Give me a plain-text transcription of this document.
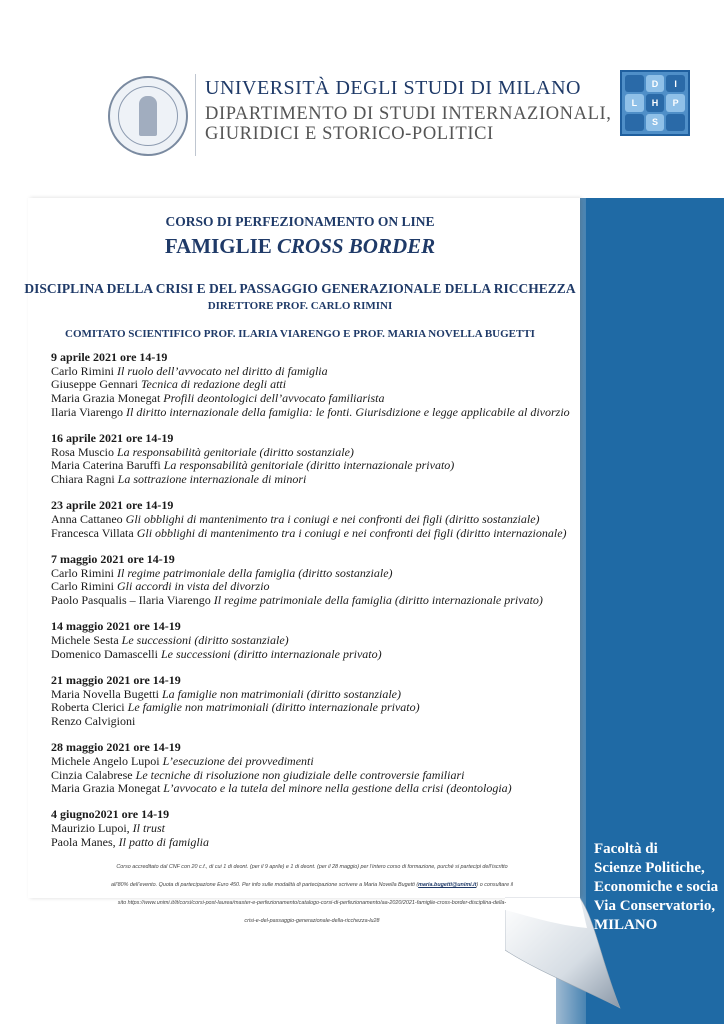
UNIVERSITÀ DEGLI STUDI DI MILANO
DIPARTIMENTO DI STUDI INTERNAZIONALI,
GIURIDICI E STORICO-POLITICI
D	I
L	H	P
S
CORSO DI PERFEZIONAMENTO ON LINE
FAMIGLIE CROSS BORDER
DISCIPLINA DELLA CRISI E DEL PASSAGGIO GENERAZIONALE DELLA RICCHEZZA
DIRETTORE PROF. CARLO RIMINI
COMITATO SCIENTIFICO PROF. ILARIA VIARENGO E PROF. MARIA NOVELLA BUGETTI
9 aprile 2021 ore 14-19
Carlo Rimini Il ruolo dell’avvocato nel diritto di famiglia
Giuseppe Gennari Tecnica di redazione degli atti
Maria Grazia Monegat Profili deontologici dell’avvocato familiarista
Ilaria Viarengo Il diritto internazionale della famiglia: le fonti. Giurisdizione e legge applicabile al divorzio
16 aprile 2021 ore 14-19
Rosa Muscio La responsabilità genitoriale (diritto sostanziale)
Maria Caterina Baruffi La responsabilità genitoriale (diritto internazionale privato)
Chiara Ragni La sottrazione internazionale di minori
23 aprile 2021 ore 14-19
Anna Cattaneo Gli obblighi di mantenimento tra i coniugi e nei confronti dei figli (diritto sostanziale)
Francesca Villata Gli obblighi di mantenimento tra i coniugi e nei confronti dei figli (diritto internazionale)
7 maggio 2021 ore 14-19
Carlo Rimini Il regime patrimoniale della famiglia (diritto sostanziale)
Carlo Rimini Gli accordi in vista del divorzio
Paolo Pasqualis – Ilaria Viarengo Il regime patrimoniale della famiglia (diritto internazionale privato)
14 maggio 2021 ore 14-19
Michele Sesta Le successioni (diritto sostanziale)
Domenico Damascelli Le successioni (diritto internazionale privato)
21 maggio 2021 ore 14-19
Maria Novella Bugetti La famiglie non matrimoniali (diritto sostanziale)
Roberta Clerici Le famiglie non matrimoniali (diritto internazionale privato)
Renzo Calvigioni
28 maggio 2021 ore 14-19
Michele Angelo Lupoi L’esecuzione dei provvedimenti
Cinzia Calabrese Le tecniche di risoluzione non giudiziale delle controversie familiari
Maria Grazia Monegat L’avvocato e la tutela del minore nella gestione della crisi (deontologia)
4 giugno2021 ore 14-19
Maurizio Lupoi, Il trust
Paola Manes, Il patto di famiglia
Corso accreditato dal CNF con 20 c.f., di cui 1 di deont. (per il 9 aprile) e 1 di deont. (per il 28 maggio) per l’intero corso di formazione, purché si partecipi dell’iscritto
all’80% dell’evento. Quota di partecipazione Euro 450. Per info sulle modalità di partecipazione scrivere a Maria Novella Bugetti (maria.bugetti@unimi.it) o consultare il
sito https://www.unimi.it/it/corsi/corsi-post-laurea/master-e-perfezionamento/catalogo-corsi-di-perfezionamento/aa-2020/2021-famiglie-cross-border-disciplina-della-
crisi-e-del-passaggio-generazionale-della-ricchezza-lu28
Facoltà di
Scienze Politiche,
Economiche e socia
Via Conservatorio,
MILANO
